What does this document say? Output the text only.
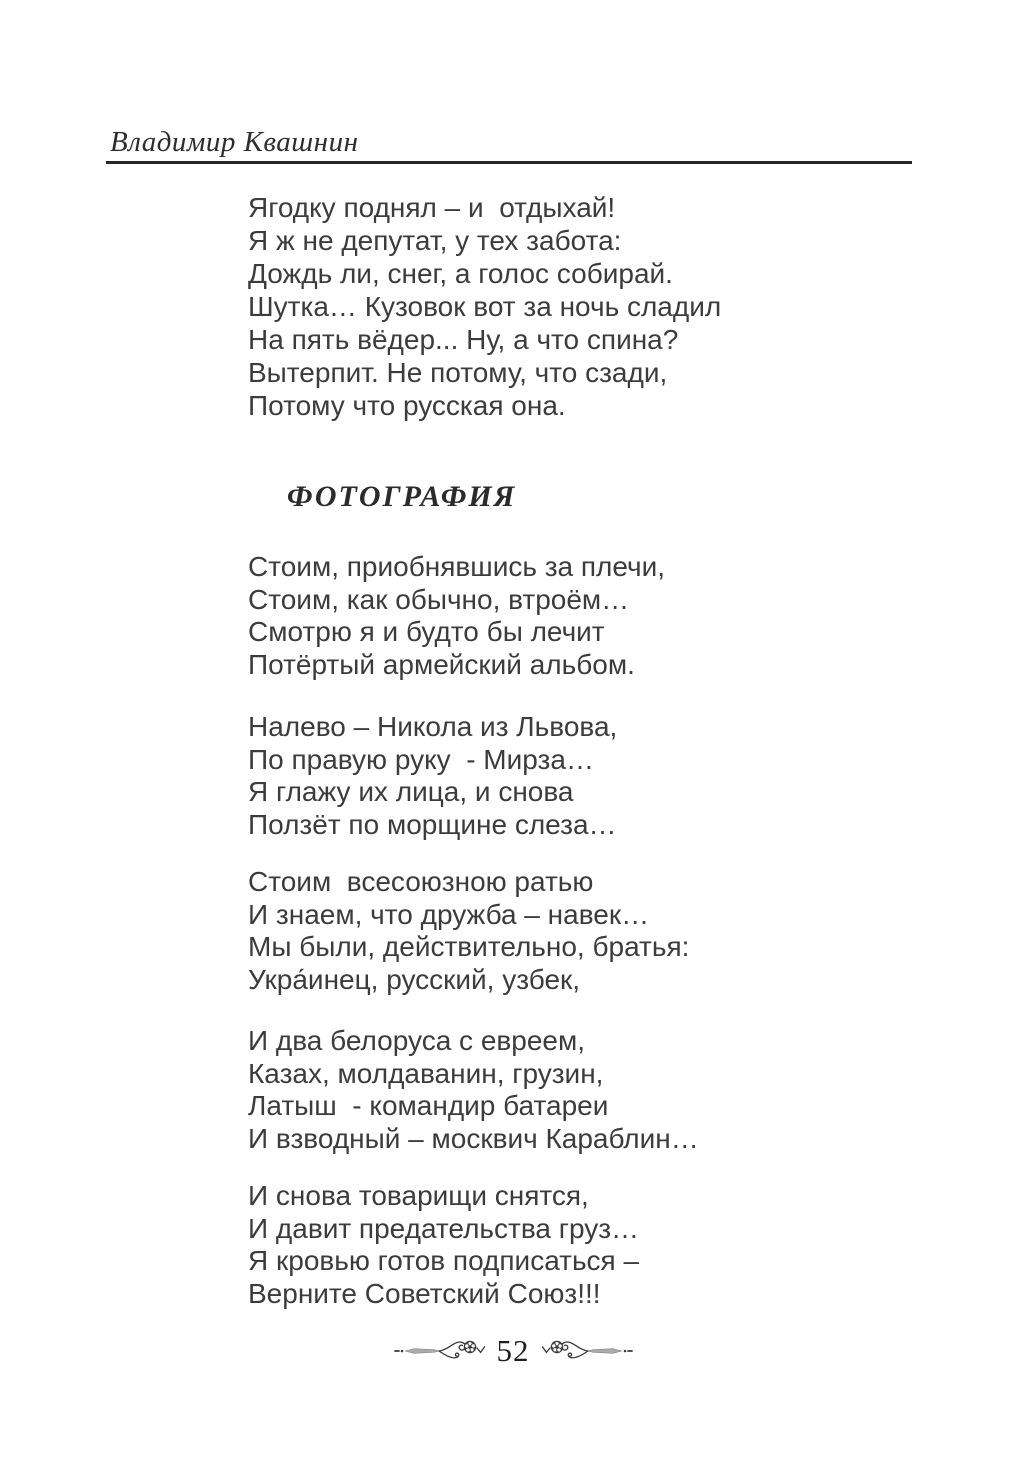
Владимир Квашнин
Ягодку поднял – и  отдыхай!
Я ж не депутат, у тех забота:
Дождь ли, снег, а голос собирай.
Шутка… Кузовок вот за ночь сладил
На пять вёдер... Ну, а что спина?
Вытерпит. Не потому, что сзади,
Потому что русская она.
ФОТОГРАФИЯ
Стоим, приобнявшись за плечи,
Стоим, как обычно, втроём…
Смотрю я и будто бы лечит
Потёртый армейский альбом.
Налево – Никола из Львова,
По правую руку  - Мирза…
Я глажу их лица, и снова
Ползёт по морщине слеза…
Стоим  всесоюзною ратью
И знаем, что дружба – навек…
Мы были, действительно, братья:
Укра́инец, русский, узбек,
И два белоруса с евреем,
Казах, молдаванин, грузин,
Латыш  - командир батареи
И взводный – москвич Караблин…
И снова товарищи снятся,
И давит предательства груз…
Я кровью готов подписаться –
Верните Советский Союз!!!
52
